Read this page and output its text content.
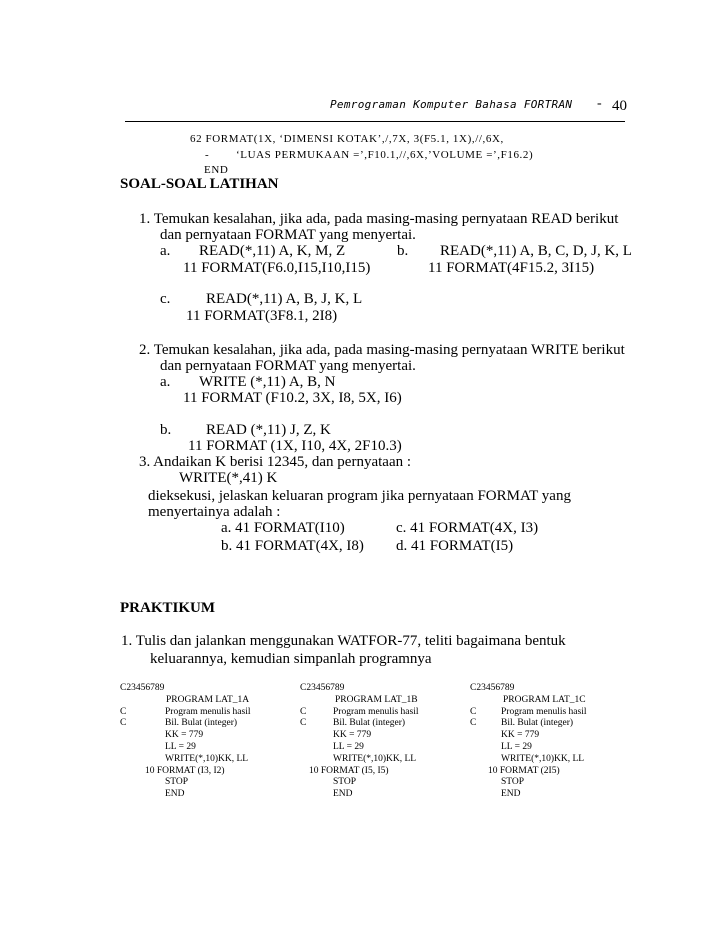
Pemrograman Komputer Bahasa FORTRAN - 40
62 FORMAT(1X, ‘DIMENSI KOTAK’,/,7X, 3(F5.1, 1X),//,6X,
- ‘LUAS PERMUKAAN =’,F10.1,//,6X,’VOLUME =’,F16.2)
END
SOAL-SOAL LATIHAN
1. Temukan kesalahan, jika ada, pada masing-masing pernyataan READ berikut
dan pernyataan FORMAT yang menyertai.
a. READ(*,11) A, K, M, Z	b. READ(*,11) A, B, C, D, J, K, L
11 FORMAT(F6.0,I15,I10,I15)	11 FORMAT(4F15.2, 3I15)
c. READ(*,11) A, B, J, K, L
11 FORMAT(3F8.1, 2I8)
2. Temukan kesalahan, jika ada, pada masing-masing pernyataan WRITE berikut
dan pernyataan FORMAT yang menyertai.
a. WRITE (*,11) A, B, N
11 FORMAT (F10.2, 3X, I8, 5X, I6)
b. READ (*,11) J, Z, K
11 FORMAT (1X, I10, 4X, 2F10.3)
3. Andaikan K berisi 12345, dan pernyataan :
WRITE(*,41) K
dieksekusi, jelaskan keluaran program jika pernyataan FORMAT yang
menyertainya adalah :
a. 41 FORMAT(I10)	c. 41 FORMAT(4X, I3)
b. 41 FORMAT(4X, I8) d. 41 FORMAT(I5)
PRAKTIKUM
1. Tulis dan jalankan menggunakan WATFOR-77, teliti bagaimana bentuk
keluarannya, kemudian simpanlah programnya
C23456789
PROGRAM LAT_1A
C	Program menulis hasil
C	Bil. Bulat (integer)
KK = 779
LL = 29
WRITE(*,10)KK, LL
10 FORMAT (I3, I2)
STOP
END
C23456789
PROGRAM LAT_1B
C	Program menulis hasil
C	Bil. Bulat (integer)
KK = 779
LL = 29
WRITE(*,10)KK, LL
10 FORMAT (I5, I5)
STOP
END
C23456789
PROGRAM LAT_1C
C	Program menulis hasil
C	Bil. Bulat (integer)
KK = 779
LL = 29
WRITE(*,10)KK, LL
10 FORMAT (2I5)
STOP
END
